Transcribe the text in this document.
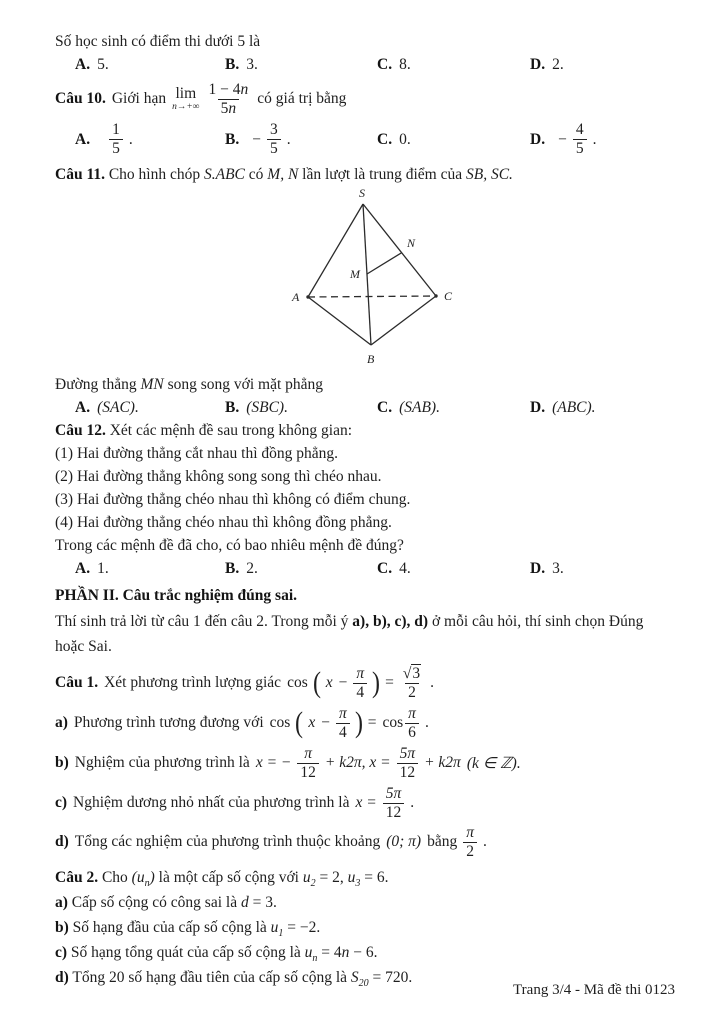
Số học sinh có điểm thi dưới 5 là

A. 5.	B. 3.	C. 8.	D. 2.
Câu 10. Giới hạn lim
$n\to+\infty \frac{1 - 4n}{5n}$ có giá trị bằng
A. $\frac{1}{5}$ .	B. − $\frac{3}{5}$ .	C. 0.	D. − $\frac{4}{5}$ .

Câu 11. Cho hình chóp S.ABC có M, N lần lượt là trung điểm của SB, SC.

S
A	C
B
M
N

Đường thẳng MN song song với mặt phẳng

A. (SAC).	B. (SBC).	C. (SAB).	D. (ABC).

Câu 12. Xét các mệnh đề sau trong không gian:

(1) Hai đường thẳng cắt nhau thì đồng phẳng.

(2) Hai đường thẳng không song song thì chéo nhau.

(3) Hai đường thẳng chéo nhau thì không có điểm chung.

(4) Hai đường thẳng chéo nhau thì không đồng phẳng.

Trong các mệnh đề đã cho, có bao nhiêu mệnh đề đúng?

A. 1.	B. 2.	C. 4.	D. 3.

PHẦN II. Câu trắc nghiệm đúng sai.

Thí sinh trả lời từ câu 1 đến câu 2. Trong mỗi ý a), b), c), d) ở mỗi câu hỏi, thí sinh chọn Đúng hoặc Sai.

Câu 1. Xét phương trình lượng giác cos ( $x - \frac{\pi}{4}$ ) = $\frac{√3}{2}$ .
a) Phương trình tương đương với cos ( $x - \frac{\pi}{4}$ ) = $\cos \frac{\pi}{6}$ .
b) Nghiệm của phương trình là x = − $\frac{\pi}{12} + k2\pi$, $x = \frac{5\pi}{12} + k2\pi$ (k ∈ ℤ).
c) Nghiệm dương nhỏ nhất của phương trình là $x = \frac{5\pi}{12}$ .
d) Tổng các nghiệm của phương trình thuộc khoảng (0; π) bằng $\frac{\pi}{2}$ .

Câu 2. Cho $(u_n)$ là một cấp số cộng với $u_2 = 2$, $u_3 = 6$.

a) Cấp số cộng có công sai là d = 3.

b) Số hạng đầu của cấp số cộng là $u_1 = -2$.

c) Số hạng tổng quát của cấp số cộng là $u_n = 4n - 6$.

d) Tổng 20 số hạng đầu tiên của cấp số cộng là $S_{20} = 720$.

Trang 3/4 - Mã đề thi 0123
